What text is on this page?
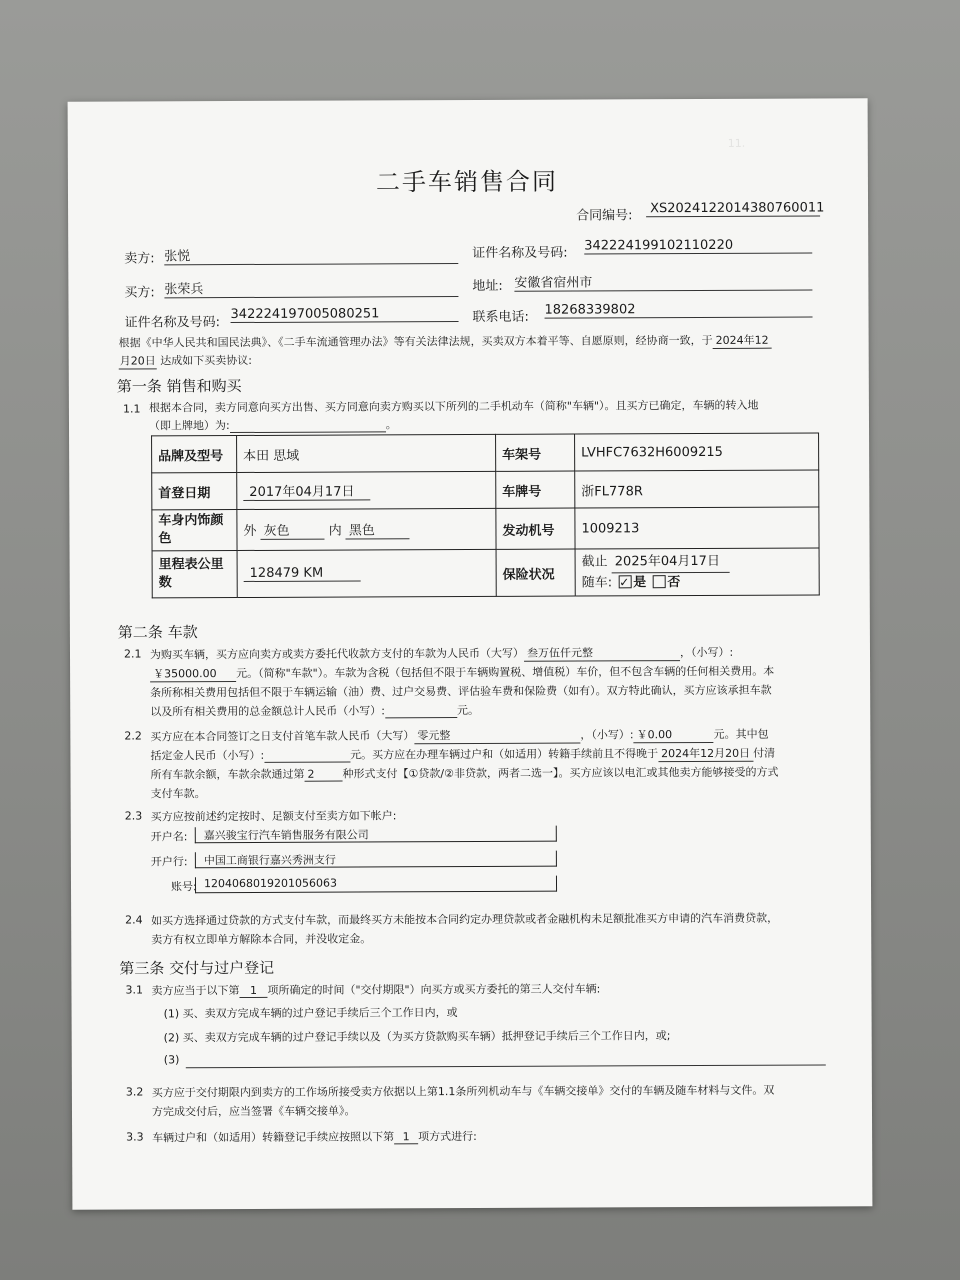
11.
二手车销售合同
合同编号:	XS2024122014380760011
卖方: 张悦	证件名称及号码: 342224199102110220
买方: 张荣兵	地址: 安徽省宿州市
证件名称及号码:
342224197005080251	联系电话: 18268339802
根据《中华人民共和国民法典》、《二手车流通管理办法》等有关法律法规，买卖双方本着平等、自愿原则，经协商一致，于 2024年12
月20日 达成如下买卖协议:
第一条 销售和购买
1.1 根据本合同，卖方同意向买方出售、买方同意向卖方购买以下所列的二手机动车（简称"车辆"）。且买方已确定，车辆的转入地
（即上牌地）为:	。
品牌及型号	本田 思域	车架号	LVHFC7632H6009215
首登日期	2017年04月17日	车牌号	浙FL778R
车身内饰颜色	外 灰色 内 黑色	发动机号	1009213
里程表公里数	128479 KM	保险状况	截止 2025年04月17日
随车: ✓ 是 否
第二条 车款
2.1 为购买车辆，买方应向卖方或卖方委托代收款方支付的车款为人民币（大写） 叁万伍仟元整	，（小写）:
￥35000.00 元。（简称"车款"）。车款为含税（包括但不限于车辆购置税、增值税）车价，但不包含车辆的任何相关费用。本
条所称相关费用包括但不限于车辆运输（油）费、过户交易费、评估验车费和保险费（如有）。双方特此确认，买方应该承担车款
以及所有相关费用的总金额总计人民币（小写）:	元。
2.2 买方应在本合同签订之日支付首笔车款人民币（大写） 零元整	，（小写）: ￥0.00	元。其中包
括定金人民币（小写）:	元。买方应在办理车辆过户和（如适用）转籍手续前且不得晚于 2024年12月20日 付清
所有车款余额，车款余款通过第 2	种形式支付【①贷款/②非贷款，两者二选一】。买方应该以电汇或其他卖方能够接受的方式
支付车款。
2.3 买方应按前述约定按时、足额支付至卖方如下帐户:
开户名:	嘉兴骏宝行汽车销售服务有限公司
开户行:	中国工商银行嘉兴秀洲支行
账号: 1204068019201056063
2.4 如买方选择通过贷款的方式支付车款，而最终买方未能按本合同约定办理贷款或者金融机构未足额批准买方申请的汽车消费贷款，
卖方有权立即单方解除本合同，并没收定金。
第三条 交付与过户登记
3.1 卖方应当于以下第 1 项所确定的时间（"交付期限"）向买方或买方委托的第三人交付车辆:
(1) 买、卖双方完成车辆的过户登记手续后三个工作日内，或
(2) 买、卖双方完成车辆的过户登记手续以及（为买方贷款购买车辆）抵押登记手续后三个工作日内，或;
(3)
3.2 买方应于交付期限内到卖方的工作场所接受卖方依据以上第1.1条所列机动车与《车辆交接单》交付的车辆及随车材料与文件。双
方完成交付后，应当签署《车辆交接单》。
3.3 车辆过户和（如适用）转籍登记手续应按照以下第 1 项方式进行:
